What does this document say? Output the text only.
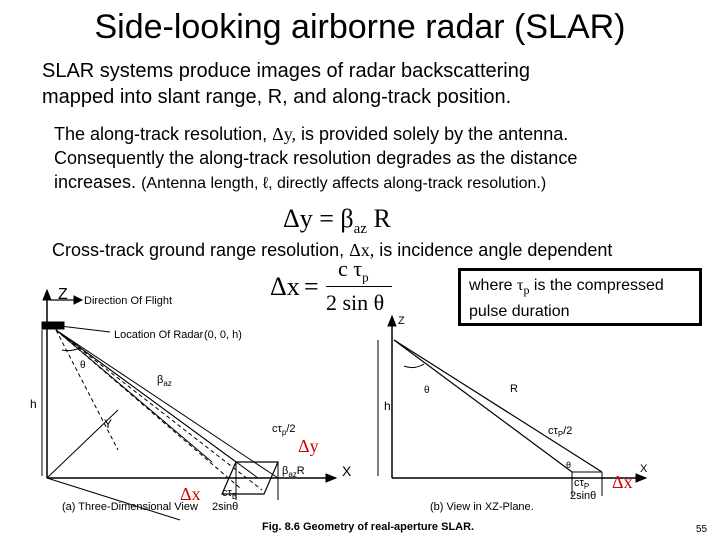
Side-looking airborne radar (SLAR)
SLAR systems produce images of radar backscattering
mapped into slant range, R, and along-track position.
The along-track resolution, Δy, is provided solely by the antenna.
Consequently the along-track resolution degrades as the distance
increases. (Antenna length, ℓ, directly affects along-track resolution.)
$\Delta y = \beta_{az}$ R
Cross-track ground range resolution, Δx, is incidence angle dependent
Δx =
c $\tau_p$
2 sin θ
where $\tau_p$ is the compressed
pulse duration
Z Direction Of Flight
Location Of Radar (0, 0, h)
θ
$\beta_{az}$
Y
h
$c\tau_p/2$
$\beta_{az}R$	X
$c\tau_B$
2sinθ
(a) Three-Dimensional View
Z
θ	R
h
$c\tau_P/2$
θ	X
$c\tau_P$
2sinθ
(b) View in XZ-Plane.
Fig. 8.6 Geometry of real-aperture SLAR.
Δy
Δx
Δx
55
